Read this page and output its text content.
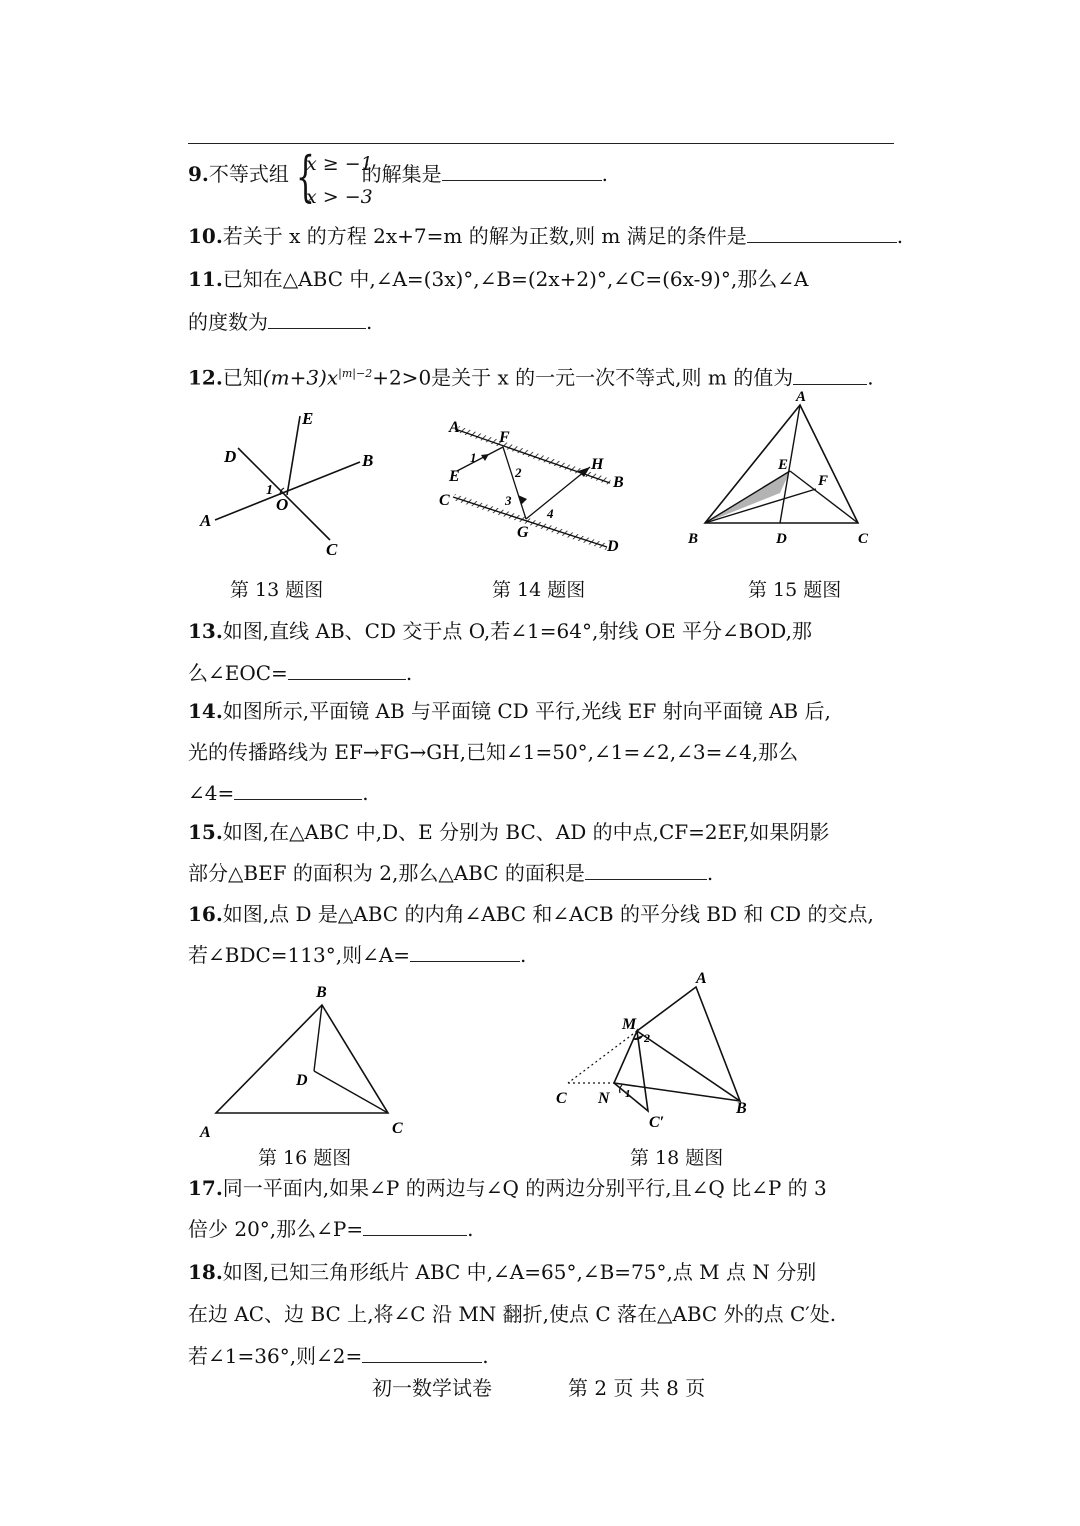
9.不等式组	的解集是	.
{
x ≥ −1
x > −3
10.若关于 x 的方程 2x+7=m 的解为正数,则 m 满足的条件是	.
11.已知在△ABC 中,∠A=(3x)°,∠B=(2x+2)°,∠C=(6x-9)°,那么∠A
的度数为	.
12.已知$(m+3)x^{|m|-2}+2>0$是关于 x 的一元一次不等式,则 m 的值为	.
E
D	B
1
O
A
C
第 13 题图
A
F
1
2
E
H
B
C	3
4
G
D
第 14 题图
A
E
F
B	D	C
第 15 题图
13.如图,直线 AB、CD 交于点 O,若∠1=64°,射线 OE 平分∠BOD,那
么∠EOC=	.
14.如图所示,平面镜 AB 与平面镜 CD 平行,光线 EF 射向平面镜 AB 后,
光的传播路线为 EF→FG→GH,已知∠1=50°,∠1=∠2,∠3=∠4,那么
∠4=	.
15.如图,在△ABC 中,D、E 分别为 BC、AD 的中点,CF=2EF,如果阴影
部分△BEF 的面积为 2,那么△ABC 的面积是	.
16.如图,点 D 是△ABC 的内角∠ABC 和∠ACB 的平分线 BD 和 CD 的交点,
若∠BDC=113°,则∠A=	.
B
D
A	C
第 16 题图
A
M
2
C N 1
C′
B
第 18 题图
17.同一平面内,如果∠P 的两边与∠Q 的两边分别平行,且∠Q 比∠P 的 3
倍少 20°,那么∠P=	.
18.如图,已知三角形纸片 ABC 中,∠A=65°,∠B=75°,点 M 点 N 分别
在边 AC、边 BC 上,将∠C 沿 MN 翻折,使点 C 落在△ABC 外的点 C′处.
若∠1=36°,则∠2=	.
初一数学试卷	第 2 页 共 8 页
